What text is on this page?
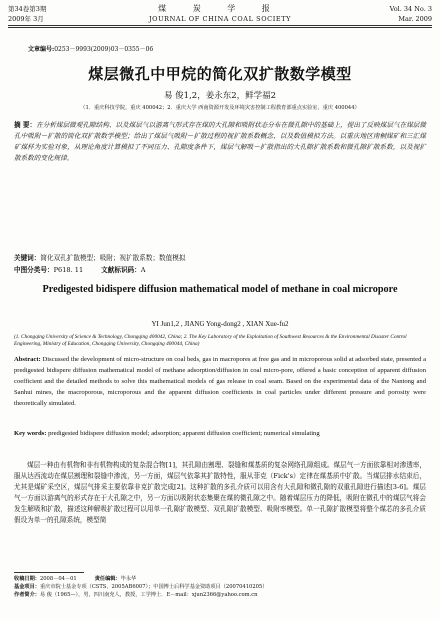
第34卷第3期	煤 炭 学 报	Vol. 34 No. 3
2009年 3月	JOURNAL OF CHINA COAL SOCIETY	Mar. 2009
文章编号:0253－9993(2009)03－0355－06
煤层微孔中甲烷的简化双扩散数学模型
易 俊1,2，姜永东2，鲜学福2
（1．重庆科技学院，重庆 400042；2．重庆大学 西南资源开发及环境灾害控制工程教育部重点实验室，重庆 400044）
摘 要：在分析煤层微观孔隙结构、以及煤层气以游离气形式存在煤的大孔隙和吸附状态分布在微孔隙中的基础上，提出了反映煤层气在煤层微孔中吸附－扩散的简化双扩散数学模型；给出了煤层气吸附－扩散过程的视扩散系数概念，以及数值模拟方法。以重庆地区南桐煤矿和三汇煤矿煤样为实验对象，从理论角度计算模拟了不同压力、孔隙度条件下，煤层气解吸－扩散指出的大孔隙扩散系数和微孔隙扩散系数，以及视扩散系数的变化规律。
关键词：简化双孔扩散模型；吸附；视扩散系数；数值模拟
中图分类号：P618. 11	文献标识码：A
Predigested bidispere diffusion mathematical model of methane in coal micropore
YI Jun1,2 , JIANG Yong-dong2 , XIAN Xue-fu2
(1. Chongqing University of Science & Technology, Chongqing 400042, China; 2. The Key Laboratory of the Exploitation of Southwest Resources & the Environmental Disaster Control Engineering, Ministry of Education, Chongqing University, Chongqing 400044, China)
Abstract: Discussed the development of micro-structure on coal beds, gas in macropores at free gas and in microporous solid at adsorbed state, presented a predigested bidispere diffusion mathematical model of methane adsorption/diffusion in coal micro-pore, offered a basic conception of apparent diffusion coefficient and the detailed methods to solve this mathematical models of gas release in coal seam. Based on the experimental data of the Nantong and Sanhui mines, the macroporous, microporous and the apparent diffusion coefficients in coal particles under different pressure and porosity were theoretically simulated.
Key words: predigested bidispere diffusion model; adsorption; apparent diffusion coefficient; numerical simulating
煤层一种由有机物和非有机物构成的复杂混合物[1]，其孔隙由割理、裂缝和煤基质的复杂网络孔隙组成。煤层气一方面依靠相对渗透率，服从达西流动在煤层割理和裂缝中渗流，另一方面，煤层气依靠其扩散特性，服从菲克（Fick's）定律在煤基质中扩散。当煤层排水结束后，尤其是煤矿采空区，煤层气排采主要依靠非克扩散完成[2]。这种扩散的多孔介质可以用含有大孔隙和微孔隙的双重孔隙进行描述[3-6]。煤层气一方面以游离气的形式存在于大孔隙之中，另一方面以吸附状态集聚在煤的微孔隙之中。随着煤层压力的降低，吸附在微孔中的煤层气将会发生解吸和扩散，描述这种解吸扩散过程可以用单一孔隙扩散模型、双孔隙扩散模型、吸附率模型。单一孔隙扩散模型将整个煤芯的多孔介质假设为单一的孔隙系统，模型简
收稿日期：2008－04－01	责任编辑：毕永华
基金项目：重庆市院士基金专项（CSTS，2005AB6007）；中国博士后科学基金资助项目（20070410205）
作者简介：易 俊（1965—），男，四川南充人，教授，工学博士．E－mail：xjun2366@yahoo.com.cn
